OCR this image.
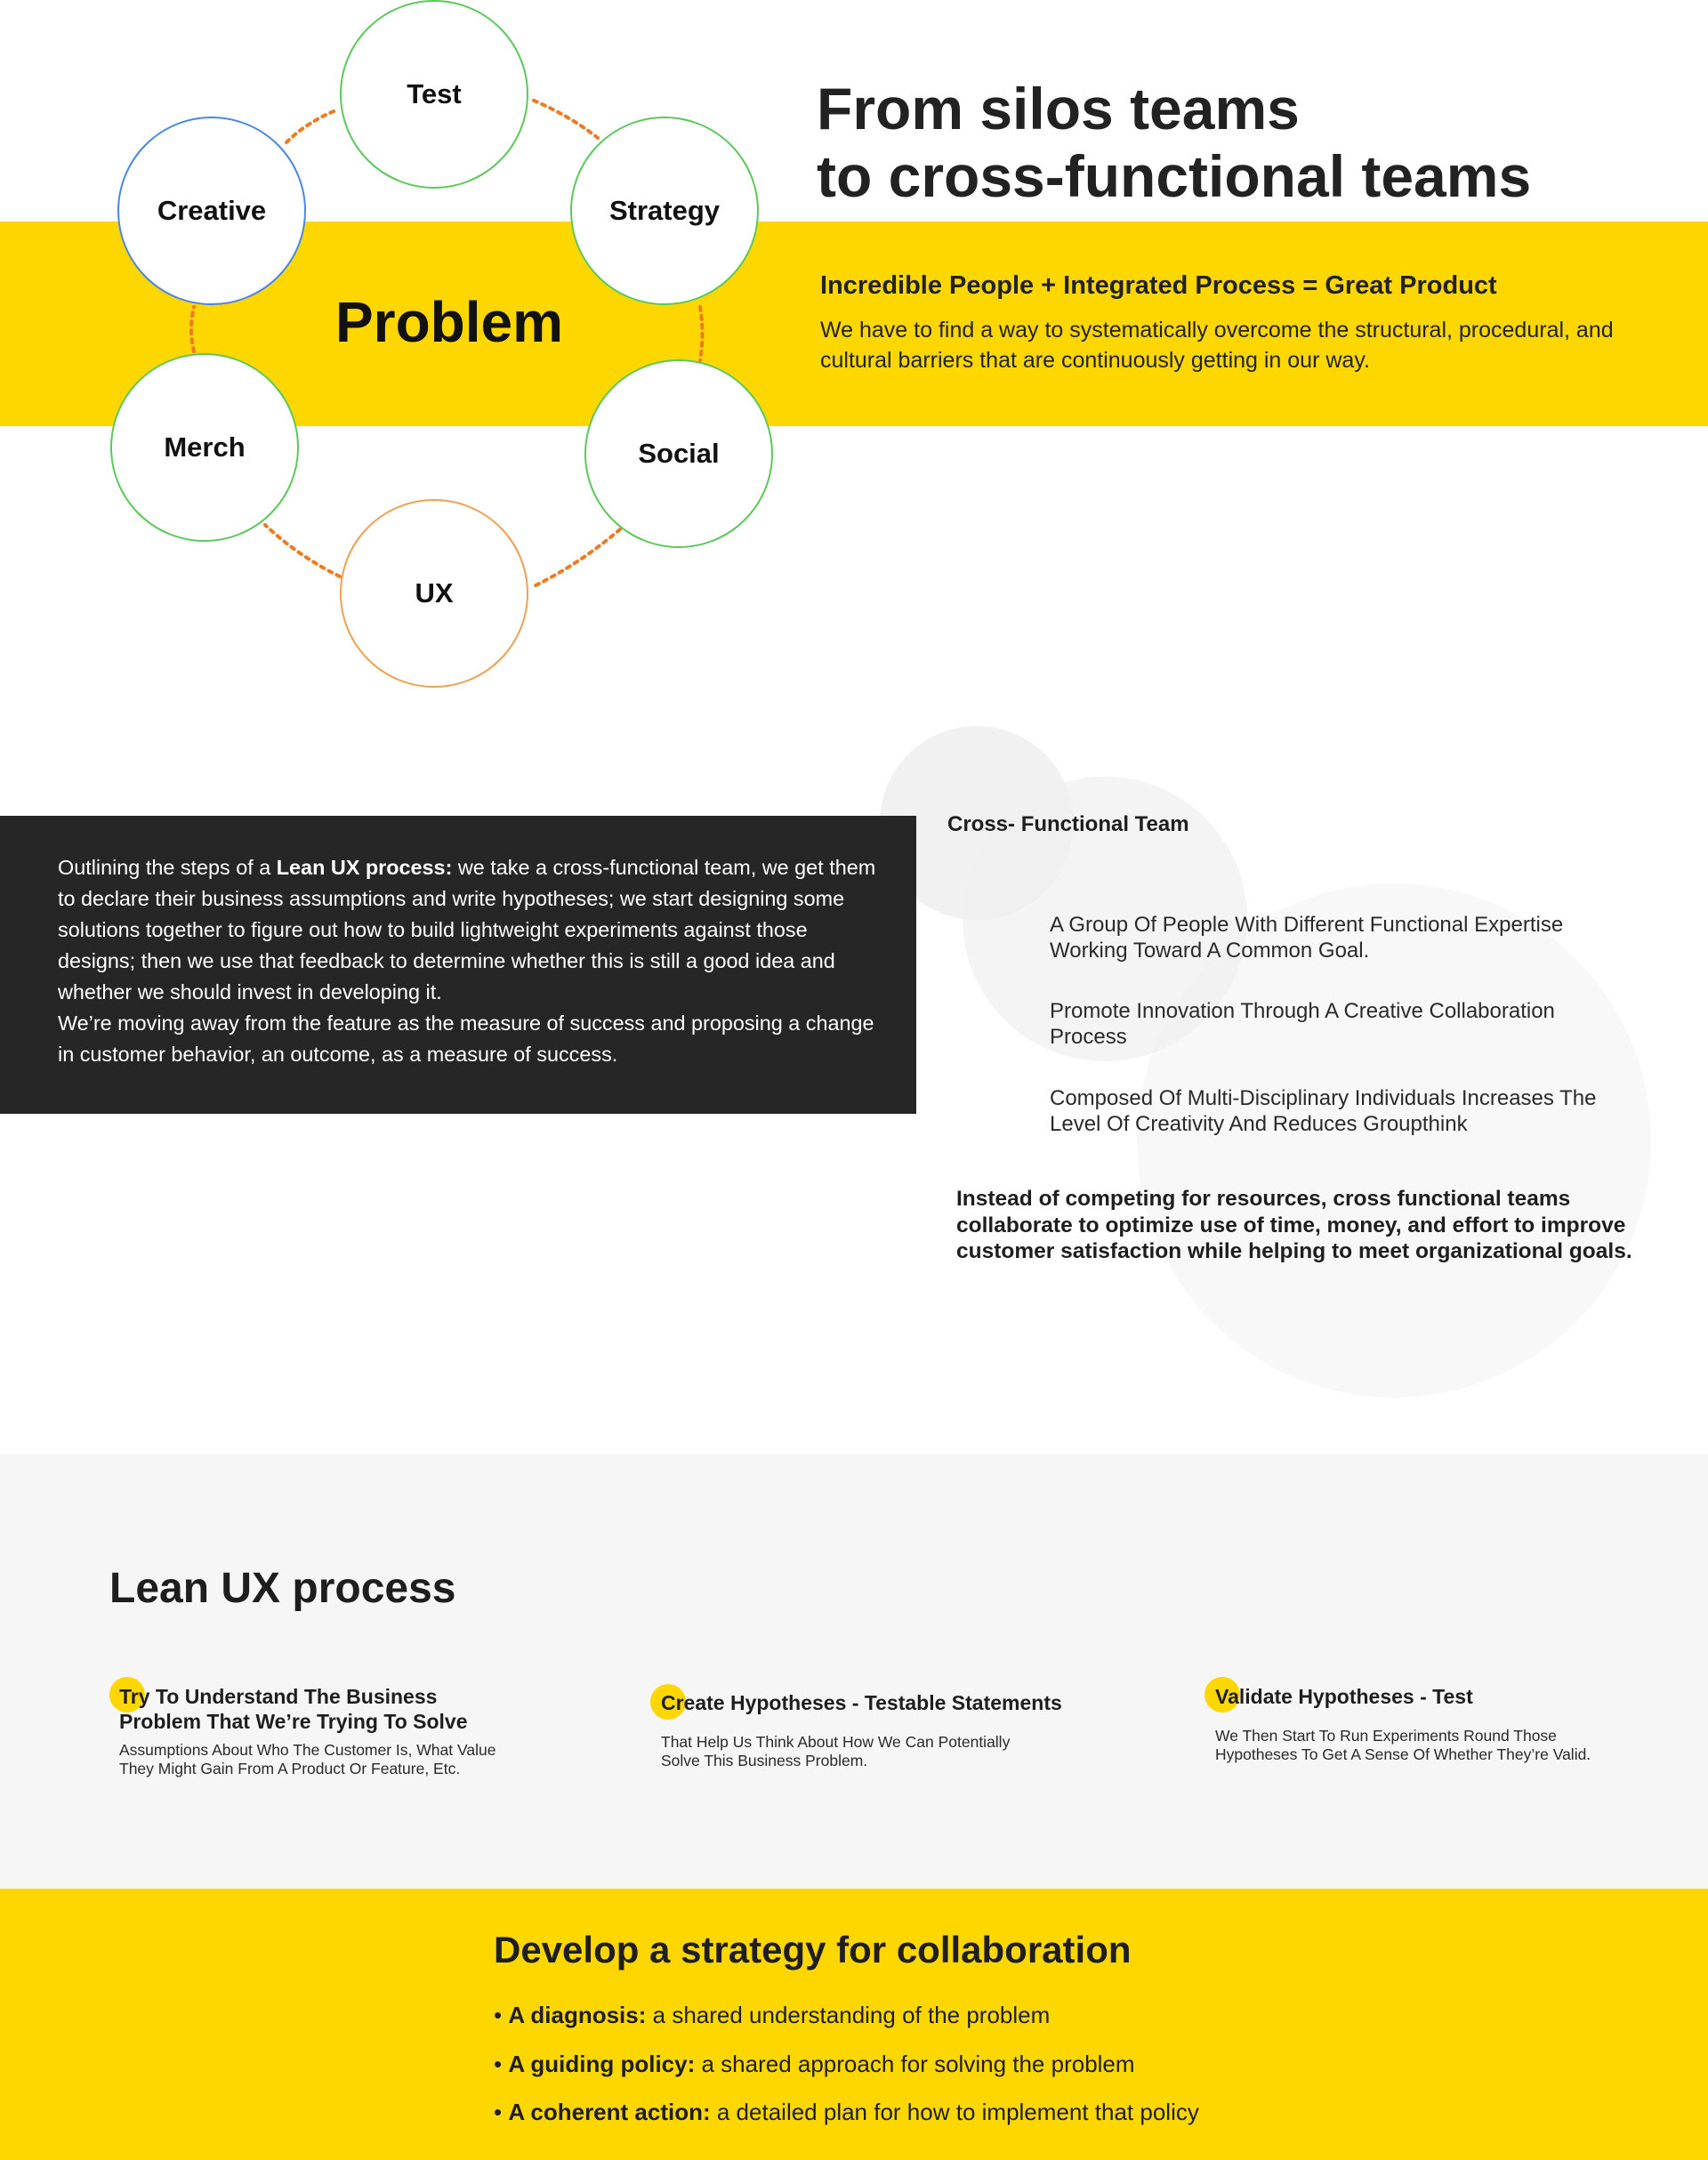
Test
Strategy
Social
UX
Merch
Creative
Problem
From silos teams
to cross-functional teams
Incredible People + Integrated Process = Great Product
We have to find a way to systematically overcome the structural, procedural, and cultural barriers that are continuously getting in our way.

Outlining the steps of a Lean UX process: we take a cross-functional team, we get them to declare their business assumptions and write hypotheses; we start designing some solutions together to figure out how to build lightweight experiments against those designs; then we use that feedback to determine whether this is still a good idea and whether we should invest in developing it.

We’re moving away from the feature as the measure of success and proposing a change in customer behavior, an outcome, as a measure of success.

Cross- Functional Team
A Group Of People With Different Functional Expertise Working Toward A Common Goal.
Promote Innovation Through A Creative Collaboration Process
Composed Of Multi-Disciplinary Individuals Increases The Level Of Creativity And Reduces Groupthink
Instead of competing for resources, cross functional teams collaborate to optimize use of time, money, and effort to improve customer satisfaction while helping to meet organizational goals.
Lean UX process
Try To Understand The Business
Problem That We’re Trying To Solve
Assumptions About Who The Customer Is, What Value
They Might Gain From A Product Or Feature, Etc.
Create Hypotheses - Testable Statements
That Help Us Think About How We Can Potentially
Solve This Business Problem.
Validate Hypotheses - Test
We Then Start To Run Experiments Round Those
Hypotheses To Get A Sense Of Whether They’re Valid.
Develop a strategy for collaboration
• A diagnosis: a shared understanding of the problem
• A guiding policy: a shared approach for solving the problem
• A coherent action: a detailed plan for how to implement that policy
